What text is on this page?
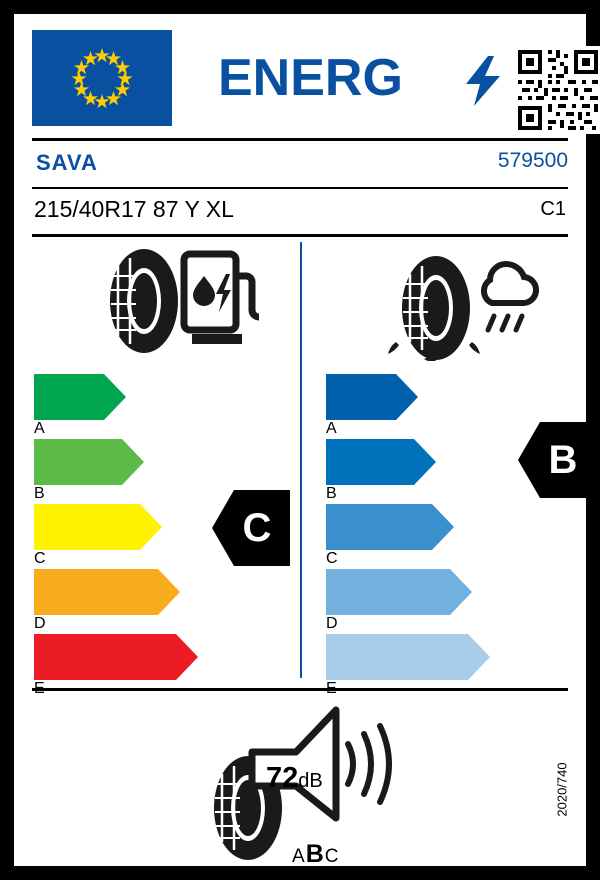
ENERG
SAVA	579500
215/40R17 87 Y XL	C1
A
B
C
D
E
A
B
C
D
E
C
B
72dB
ABC
2020/740
